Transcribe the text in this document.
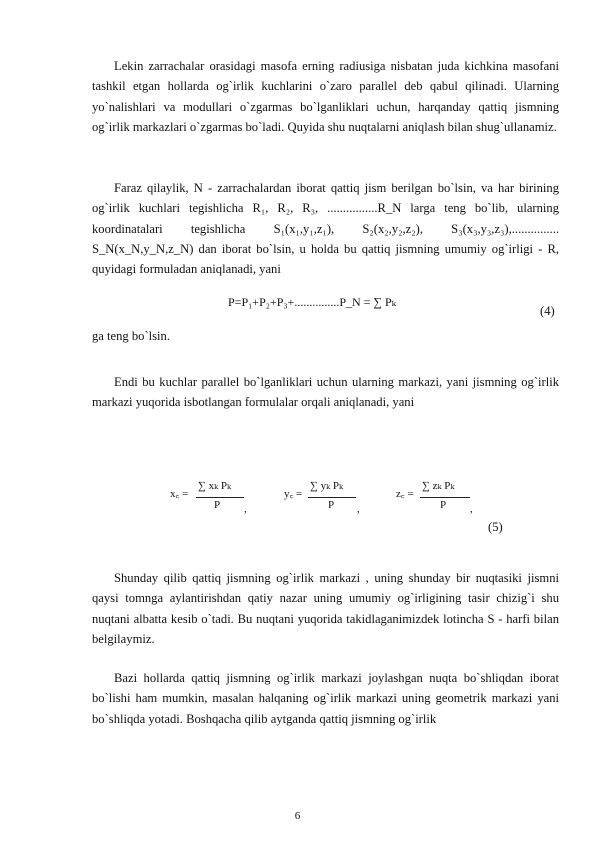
Lekin zarrachalar orasidagi masofa erning radiusiga nisbatan juda kichkina masofani tashkil etgan hollarda og`irlik kuchlarini o`zaro parallel deb qabul qilinadi. Ularning yo`nalishlari va modullari o`zgarmas bo`lganliklari uchun, harqanday qattiq jismning og`irlik markazlari o`zgarmas bo`ladi. Quyida shu nuqtalarni aniqlash bilan shug`ullanamiz.

Faraz qilaylik, N - zarrachalardan iborat qattiq jism berilgan bo`lsin, va har birining og`irlik kuchlari tegishlicha R₁, R₂, R₃, ................R_N larga teng bo`lib, ularning koordinatalari tegishlicha S₁(x₁,y₁,z₁), S₂(x₂,y₂,z₂), S₃(x₃,y₃,z₃),............... S_N(x_N,y_N,z_N) dan iborat bo`lsin, u holda bu qattiq jismning umumiy og`irligi - R, quyidagi formuladan aniqlanadi, yani

P=P₁+P₂+P₃+...............P_N = ∑ Pₖ
(4)

ga teng bo`lsin.

Endi bu kuchlar parallel bo`lganliklari uchun ularning markazi, yani jismning og`irlik markazi yuqorida isbotlangan formulalar orqali aniqlanadi, yani

x꜀ =
∑ xₖ Pₖ
P ,
y꜀ =
∑ yₖ Pₖ
P ,
z꜀ =
∑ zₖ Pₖ
P ,
(5)

Shunday qilib qattiq jismning og`irlik markazi , uning shunday bir nuqtasiki jismni qaysi tomnga aylantirishdan qatiy nazar uning umumiy og`irligining tasir chizig`i shu nuqtani albatta kesib o`tadi. Bu nuqtani yuqorida takidlaganimizdek lotincha S - harfi bilan belgilaymiz.

Bazi hollarda qattiq jismning og`irlik markazi joylashgan nuqta bo`shliqdan iborat bo`lishi ham mumkin, masalan halqaning og`irlik markazi uning geometrik markazi yani bo`shliqda yotadi. Boshqacha qilib aytganda qattiq jismning og`irlik

6
